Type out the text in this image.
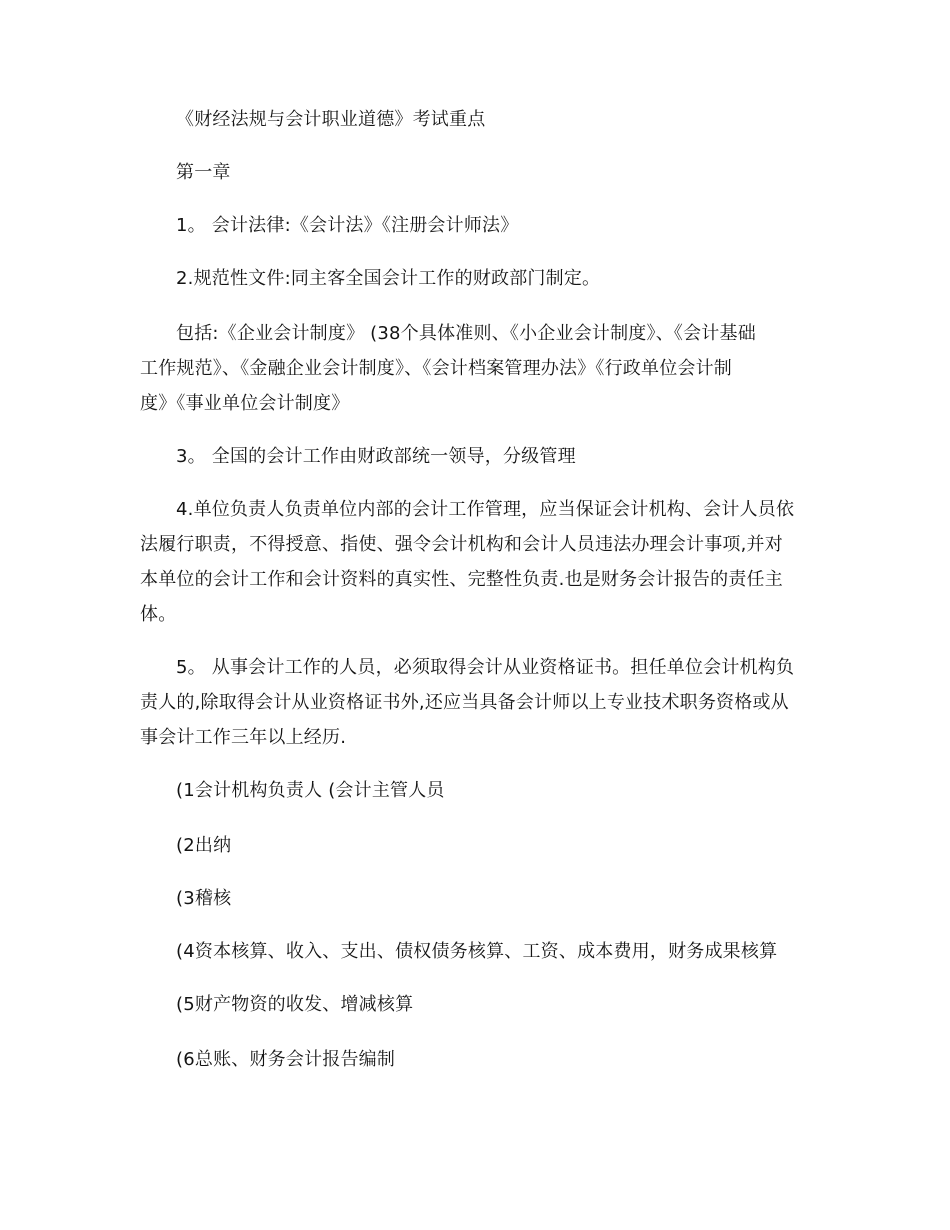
《财经法规与会计职业道德》考试重点
第一章
1。 会计法律:《会计法》《注册会计师法》
2.规范性文件:同主客全国会计工作的财政部门制定。
包括:《企业会计制度》 (38个具体准则、《小企业会计制度》、《会计基础
工作规范》、《金融企业会计制度》、《会计档案管理办法》《行政单位会计制
度》《事业单位会计制度》
3。 全国的会计工作由财政部统一领导，分级管理
4.单位负责人负责单位内部的会计工作管理，应当保证会计机构、会计人员依
法履行职责，不得授意、指使、强令会计机构和会计人员违法办理会计事项,并对
本单位的会计工作和会计资料的真实性、完整性负责.也是财务会计报告的责任主
体。
5。 从事会计工作的人员，必须取得会计从业资格证书。担任单位会计机构负
责人的,除取得会计从业资格证书外,还应当具备会计师以上专业技术职务资格或从
事会计工作三年以上经历.
(1会计机构负责人 (会计主管人员
(2出纳
(3稽核
(4资本核算、收入、支出、债权债务核算、工资、成本费用，财务成果核算
(5财产物资的收发、增减核算
(6总账、财务会计报告编制
